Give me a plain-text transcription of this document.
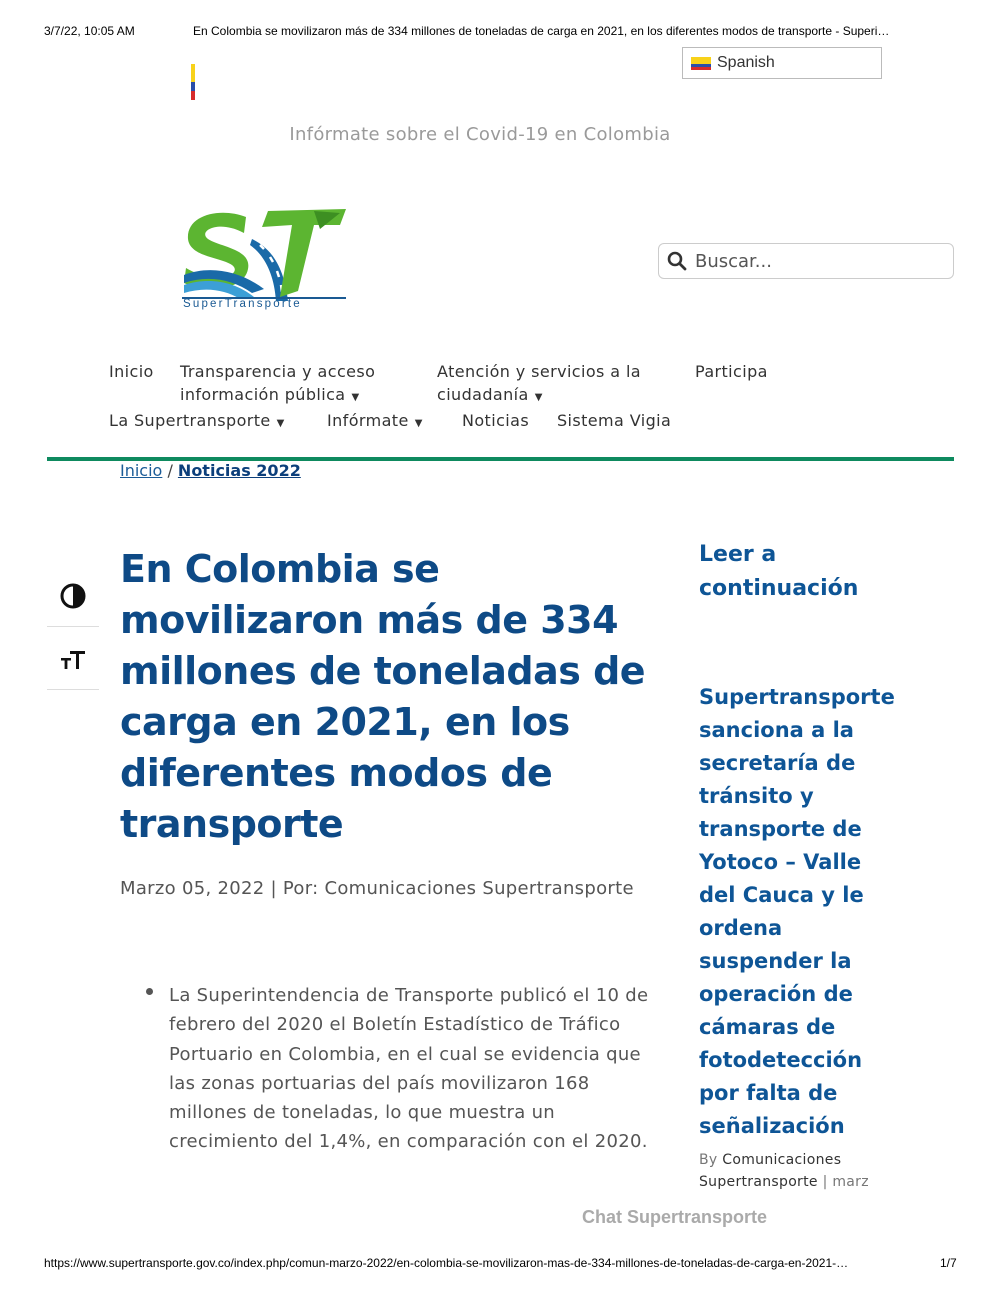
3/7/22, 10:05 AM	En Colombia se movilizaron más de 334 millones de toneladas de carga en 2021, en los diferentes modos de transporte - Superi…
Spanish
Infórmate sobre el Covid-19 en Colombia
SuperTransporte
Buscar...
Inicio Transparencia y acceso
información pública ▼
Atención y servicios a la
ciudadanía ▼
Participa
La Supertransporte ▼	Infórmate ▼ Noticias Sistema Vigia
Inicio / Noticias 2022
En Colombia se movilizaron más de 334 millones de toneladas de carga en 2021, en los diferentes modos de transporte
Marzo 05, 2022 | Por: Comunicaciones Supertransporte
La Superintendencia de Transporte publicó el 10 de febrero del 2020 el Boletín Estadístico de Tráfico Portuario en Colombia, en el cual se evidencia que las zonas portuarias del país movilizaron 168 millones de toneladas, lo que muestra un crecimiento del 1,4%, en comparación con el 2020.
Leer a continuación
Supertransporte sanciona a la secretaría de tránsito y transporte de Yotoco – Valle del Cauca y le ordena suspender la operación de cámaras de fotodetección por falta de señalización
By Comunicaciones Supertransporte | marz
Chat Supertransporte
https://www.supertransporte.gov.co/index.php/comun-marzo-2022/en-colombia-se-movilizaron-mas-de-334-millones-de-toneladas-de-carga-en-2021-…	1/7
